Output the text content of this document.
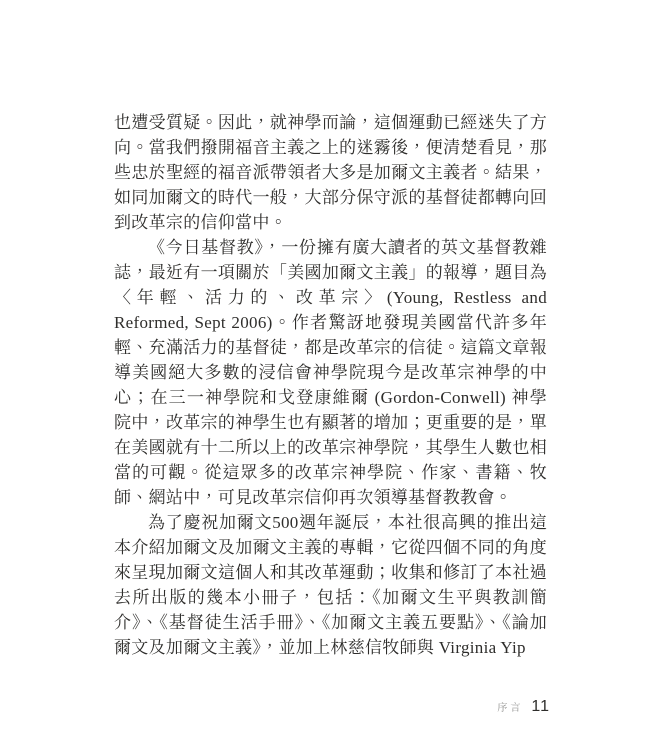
也遭受質疑。因此，就神學而論，這個運動已經迷失了方向。當我們撥開福音主義之上的迷霧後，便清楚看見，那些忠於聖經的福音派帶領者大多是加爾文主義者。結果，如同加爾文的時代一般，大部分保守派的基督徒都轉向回到改革宗的信仰當中。

《今日基督教》，一份擁有廣大讀者的英文基督教雜誌，最近有一項關於「美國加爾文主義」的報導，題目為〈年輕、活力的、改革宗〉(Young, Restless and Reformed, Sept 2006)。作者驚訝地發現美國當代許多年輕、充滿活力的基督徒，都是改革宗的信徒。這篇文章報導美國絕大多數的浸信會神學院現今是改革宗神學的中心；在三一神學院和戈登康維爾 (Gordon-Conwell) 神學院中，改革宗的神學生也有顯著的增加；更重要的是，單在美國就有十二所以上的改革宗神學院，其學生人數也相當的可觀。從這眾多的改革宗神學院、作家、書籍、牧師、網站中，可見改革宗信仰再次領導基督教教會。

為了慶祝加爾文500週年誕辰，本社很高興的推出這本介紹加爾文及加爾文主義的專輯，它從四個不同的角度來呈現加爾文這個人和其改革運動；收集和修訂了本社過去所出版的幾本小冊子，包括：《加爾文生平與教訓簡介》、《基督徒生活手冊》、《加爾文主義五要點》、《論加爾文及加爾文主義》，並加上林慈信牧師與 Virginia Yip

序言 11
